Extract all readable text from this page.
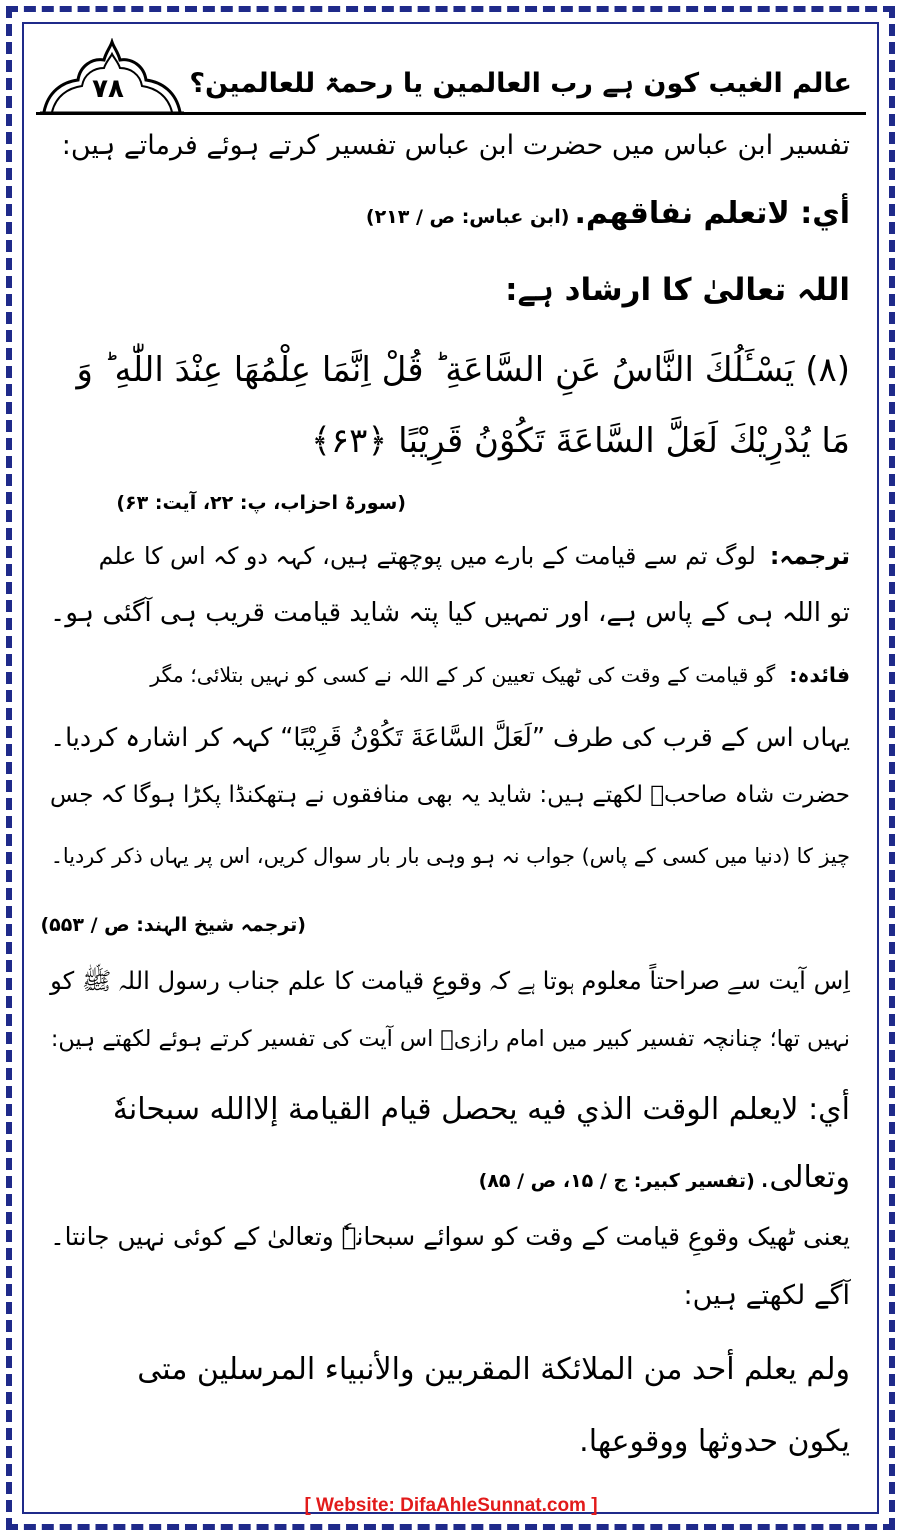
عالم الغیب کون ہے رب العالمین یا رحمۃ للعالمین؟
۷۸
تفسیر ابن عباس میں حضرت ابن عباس تفسیر کرتے ہوئے فرماتے ہیں:
أي: لاتعلم نفاقهم. (ابن عباس: ص / ۲۱۳)
اللہ تعالیٰ کا ارشاد ہے:
(۸) يَسْـَٔلُكَ النَّاسُ عَنِ السَّاعَةِ ؕ قُلْ اِنَّمَا عِلْمُهَا عِنْدَ اللّٰهِ ؕ وَ
مَا يُدْرِيْكَ لَعَلَّ السَّاعَةَ تَكُوْنُ قَرِيْبًا ﴿۶۳﴾
(سورۃ احزاب، پ: ۲۲، آیت: ۶۳)
ترجمہ:لوگ تم سے قیامت کے بارے میں پوچھتے ہیں، کہہ دو کہ اس کا علم
تو اللہ ہی کے پاس ہے، اور تمہیں کیا پتہ شاید قیامت قریب ہی آگئی ہو۔
فائدہ:گو قیامت کے وقت کی ٹھیک تعیین کر کے اللہ نے کسی کو نہیں بتلائی؛ مگر
یہاں اس کے قرب کی طرف ”لَعَلَّ السَّاعَةَ تَكُوْنُ قَرِيْبًا“ کہہ کر اشارہ کردیا۔
حضرت شاہ صاحبؒ لکھتے ہیں: شاید یہ بھی منافقوں نے ہتھکنڈا پکڑا ہوگا کہ جس
چیز کا (دنیا میں کسی کے پاس) جواب نہ ہو وہی بار بار سوال کریں، اس پر یہاں ذکر کردیا۔
(ترجمہ شیخ الہند: ص / ۵۵۳)
اِس آیت سے صراحتاً معلوم ہوتا ہے کہ وقوعِ قیامت کا علم جناب رسول اللہ ﷺ کو
نہیں تھا؛ چنانچہ تفسیر کبیر میں امام رازیؒ اس آیت کی تفسیر کرتے ہوئے لکھتے ہیں:
أي: لايعلم الوقت الذي فيه يحصل قيام القيامة إلاالله سبحانهٗ
وتعالى. (تفسیر کبیر: ج / ۱۵، ص / ۸۵)
یعنی ٹھیک وقوعِ قیامت کے وقت کو سوائے سبحانہٗ وتعالیٰ کے کوئی نہیں جانتا۔
آگے لکھتے ہیں:
ولم يعلم أحد من الملائكة المقربين والأنبياء المرسلين متى
يكون حدوثها ووقوعها.
[ Website: DifaAhleSunnat.com ]
